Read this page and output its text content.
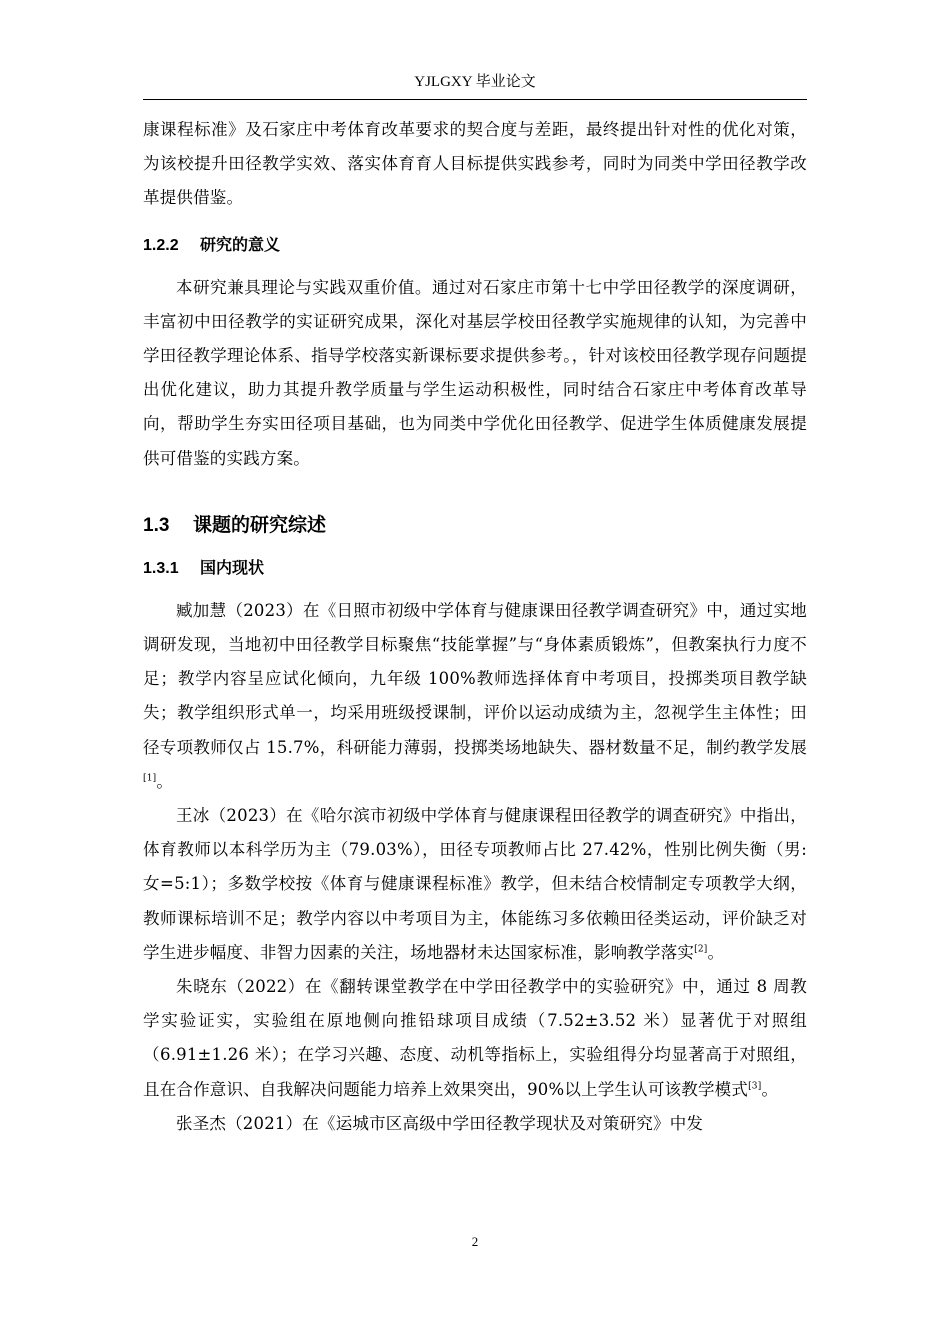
YJLGXY 毕业论文

康课程标准》及石家庄中考体育改革要求的契合度与差距，最终提出针对性的优化对策，为该校提升田径教学实效、落实体育育人目标提供实践参考，同时为同类中学田径教学改革提供借鉴。

1.2.2 研究的意义

本研究兼具理论与实践双重价值。通过对石家庄市第十七中学田径教学的深度调研，丰富初中田径教学的实证研究成果，深化对基层学校田径教学实施规律的认知，为完善中学田径教学理论体系、指导学校落实新课标要求提供参考。，针对该校田径教学现存问题提出优化建议，助力其提升教学质量与学生运动积极性，同时结合石家庄中考体育改革导向，帮助学生夯实田径项目基础，也为同类中学优化田径教学、促进学生体质健康发展提供可借鉴的实践方案。

1.3 课题的研究综述
1.3.1 国内现状

臧加慧（2023）在《日照市初级中学体育与健康课田径教学调查研究》中，通过实地调研发现，当地初中田径教学目标聚焦“技能掌握”与“身体素质锻炼”，但教案执行力度不足；教学内容呈应试化倾向，九年级 100%教师选择体育中考项目，投掷类项目教学缺失；教学组织形式单一，均采用班级授课制，评价以运动成绩为主，忽视学生主体性；田径专项教师仅占 15.7%，科研能力薄弱，投掷类场地缺失、器材数量不足，制约教学发展[1]。

王冰（2023）在《哈尔滨市初级中学体育与健康课程田径教学的调查研究》中指出，体育教师以本科学历为主（79.03%），田径专项教师占比 27.42%，性别比例失衡（男:女=5:1）；多数学校按《体育与健康课程标准》教学，但未结合校情制定专项教学大纲，教师课标培训不足；教学内容以中考项目为主，体能练习多依赖田径类运动，评价缺乏对学生进步幅度、非智力因素的关注，场地器材未达国家标准，影响教学落实[2]。

朱晓东（2022）在《翻转课堂教学在中学田径教学中的实验研究》中，通过 8 周教学实验证实，实验组在原地侧向推铅球项目成绩（7.52±3.52 米）显著优于对照组（6.91±1.26 米）；在学习兴趣、态度、动机等指标上，实验组得分均显著高于对照组，且在合作意识、自我解决问题能力培养上效果突出，90%以上学生认可该教学模式[3]。

张圣杰（2021）在《运城市区高级中学田径教学现状及对策研究》中发

2
